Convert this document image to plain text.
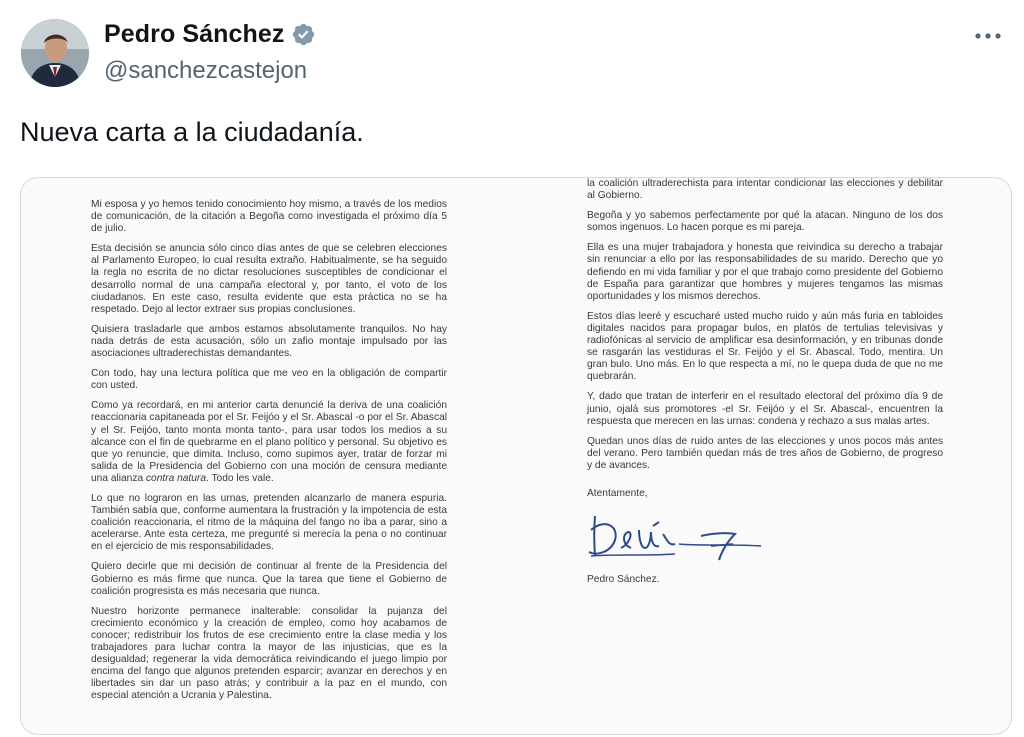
Pedro Sánchez
@sanchezcastejon
Nueva carta a la ciudadanía.

Mi esposa y yo hemos tenido conocimiento hoy mismo, a través de los medios de comunicación, de la citación a Begoña como investigada el próximo día 5 de julio.

Esta decisión se anuncia sólo cinco días antes de que se celebren elecciones al Parlamento Europeo, lo cual resulta extraño. Habitualmente, se ha seguido la regla no escrita de no dictar resoluciones susceptibles de condicionar el desarrollo normal de una campaña electoral y, por tanto, el voto de los ciudadanos. En este caso, resulta evidente que esta práctica no se ha respetado. Dejo al lector extraer sus propias conclusiones.

Quisiera trasladarle que ambos estamos absolutamente tranquilos. No hay nada detrás de esta acusación, sólo un zafio montaje impulsado por las asociaciones ultraderechistas demandantes.

Con todo, hay una lectura política que me veo en la obligación de compartir con usted.

Como ya recordará, en mi anterior carta denuncié la deriva de una coalición reaccionaria capitaneada por el Sr. Feijóo y el Sr. Abascal -o por el Sr. Abascal y el Sr. Feijóo, tanto monta monta tanto-, para usar todos los medios a su alcance con el fin de quebrarme en el plano político y personal. Su objetivo es que yo renuncie, que dimita. Incluso, como supimos ayer, tratar de forzar mi salida de la Presidencia del Gobierno con una moción de censura mediante una alianza contra natura. Todo les vale.

Lo que no lograron en las urnas, pretenden alcanzarlo de manera espuria. También sabía que, conforme aumentara la frustración y la impotencia de esta coalición reaccionaria, el ritmo de la máquina del fango no iba a parar, sino a acelerarse. Ante esta certeza, me pregunté si merecía la pena o no continuar en el ejercicio de mis responsabilidades.

Quiero decirle que mi decisión de continuar al frente de la Presidencia del Gobierno es más firme que nunca. Que la tarea que tiene el Gobierno de coalición progresista es más necesaria que nunca.

Nuestro horizonte permanece inalterable: consolidar la pujanza del crecimiento económico y la creación de empleo, como hoy acabamos de conocer; redistribuir los frutos de ese crecimiento entre la clase media y los trabajadores para luchar contra la mayor de las injusticias, que es la desigualdad; regenerar la vida democrática reivindicando el juego limpio por encima del fango que algunos pretenden esparcir; avanzar en derechos y en libertades sin dar un paso atrás; y contribuir a la paz en el mundo, con especial atención a Ucrania y Palestina.

la coalición ultraderechista para intentar condicionar las elecciones y debilitar al Gobierno.

Begoña y yo sabemos perfectamente por qué la atacan. Ninguno de los dos somos ingenuos. Lo hacen porque es mi pareja.

Ella es una mujer trabajadora y honesta que reivindica su derecho a trabajar sin renunciar a ello por las responsabilidades de su marido. Derecho que yo defiendo en mi vida familiar y por el que trabajo como presidente del Gobierno de España para garantizar que hombres y mujeres tengamos las mismas oportunidades y los mismos derechos.

Estos días leeré y escucharé usted mucho ruido y aún más furia en tabloides digitales nacidos para propagar bulos, en platós de tertulias televisivas y radiofónicas al servicio de amplificar esa desinformación, y en tribunas donde se rasgarán las vestiduras el Sr. Feijóo y el Sr. Abascal. Todo, mentira. Un gran bulo. Uno más. En lo que respecta a mí, no le quepa duda de que no me quebrarán.

Y, dado que tratan de interferir en el resultado electoral del próximo día 9 de junio, ojalá sus promotores -el Sr. Feijóo y el Sr. Abascal-, encuentren la respuesta que merecen en las urnas: condena y rechazo a sus malas artes.

Quedan unos días de ruido antes de las elecciones y unos pocos más antes del verano. Pero también quedan más de tres años de Gobierno, de progreso y de avances.

Atentamente,
Pedro Sánchez.
